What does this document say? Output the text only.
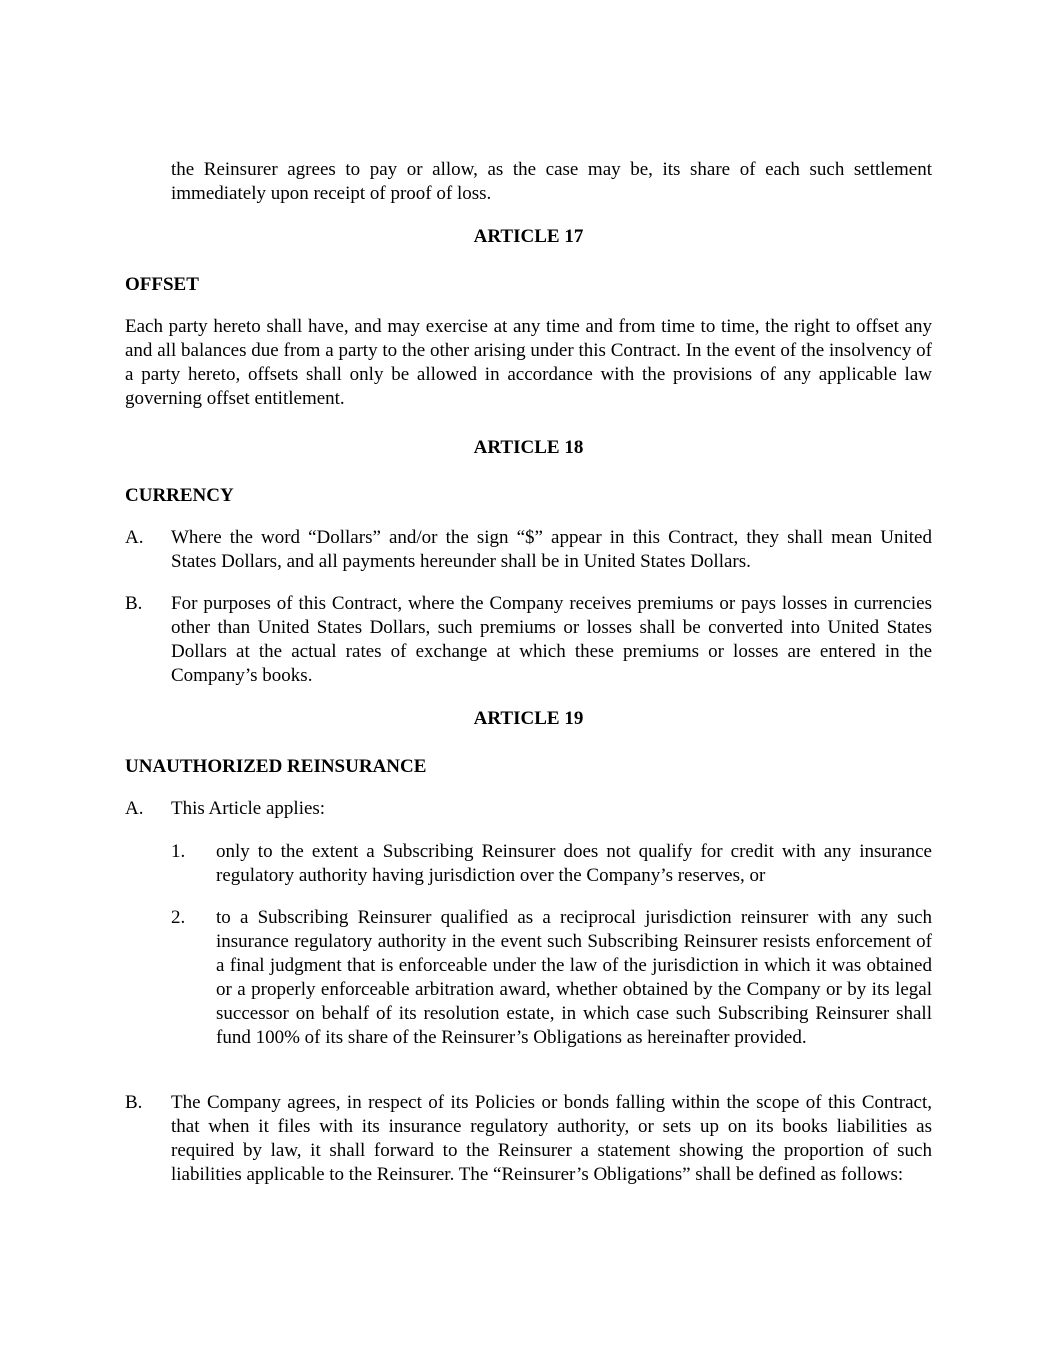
the Reinsurer agrees to pay or allow, as the case may be, its share of each such settlement immediately upon receipt of proof of loss.

ARTICLE 17

OFFSET

Each party hereto shall have, and may exercise at any time and from time to time, the right to offset any and all balances due from a party to the other arising under this Contract. In the event of the insolvency of a party hereto, offsets shall only be allowed in accordance with the provisions of any applicable law governing offset entitlement.

ARTICLE 18

CURRENCY

A. Where the word “Dollars” and/or the sign “$” appear in this Contract, they shall mean United States Dollars, and all payments hereunder shall be in United States Dollars.

B. For purposes of this Contract, where the Company receives premiums or pays losses in currencies other than United States Dollars, such premiums or losses shall be converted into United States Dollars at the actual rates of exchange at which these premiums or losses are entered in the Company’s books.

ARTICLE 19

UNAUTHORIZED REINSURANCE

A. This Article applies:

1. only to the extent a Subscribing Reinsurer does not qualify for credit with any insurance regulatory authority having jurisdiction over the Company’s reserves, or

2. to a Subscribing Reinsurer qualified as a reciprocal jurisdiction reinsurer with any such insurance regulatory authority in the event such Subscribing Reinsurer resists enforcement of a final judgment that is enforceable under the law of the jurisdiction in which it was obtained or a properly enforceable arbitration award, whether obtained by the Company or by its legal successor on behalf of its resolution estate, in which case such Subscribing Reinsurer shall fund 100% of its share of the Reinsurer’s Obligations as hereinafter provided.

B. The Company agrees, in respect of its Policies or bonds falling within the scope of this Contract, that when it files with its insurance regulatory authority, or sets up on its books liabilities as required by law, it shall forward to the Reinsurer a statement showing the proportion of such liabilities applicable to the Reinsurer. The “Reinsurer’s Obligations” shall be defined as follows:
